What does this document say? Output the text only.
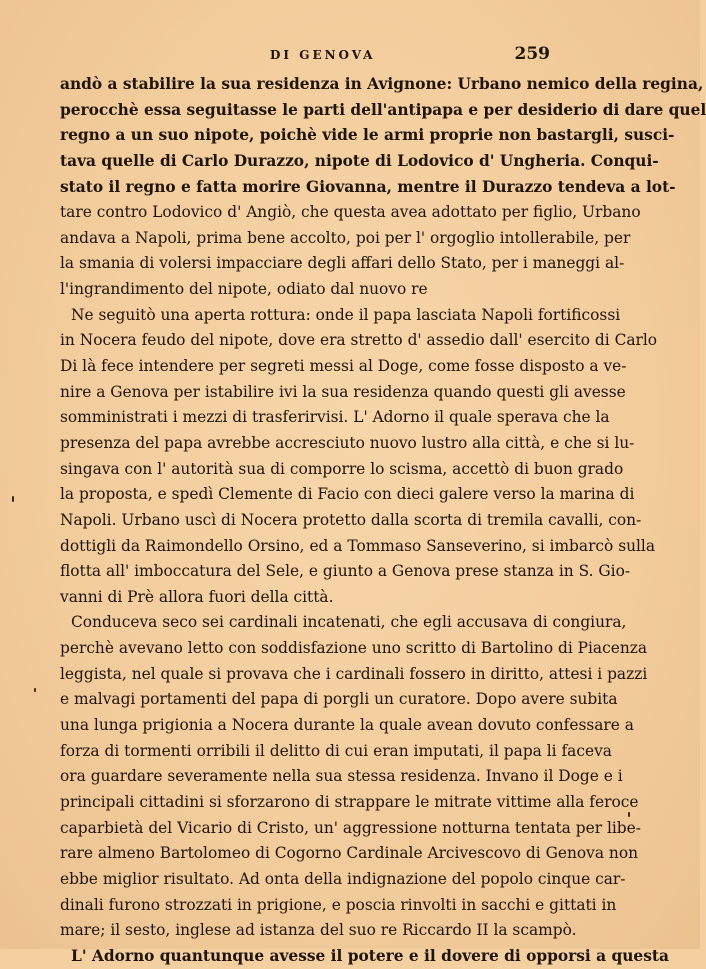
DI GENOVA	259
andò a stabilire la sua residenza in Avignone: Urbano nemico della regina,
perocchè essa seguitasse le parti dell'antipapa e per desiderio di dare quel
regno a un suo nipote, poichè vide le armi proprie non bastargli, susci-
tava quelle di Carlo Durazzo, nipote di Lodovico d' Ungheria. Conqui-
stato il regno e fatta morire Giovanna, mentre il Durazzo tendeva a lot-
tare contro Lodovico d' Angiò, che questa avea adottato per figlio, Urbano
andava a Napoli, prima bene accolto, poi per l' orgoglio intollerabile, per
la smania di volersi impacciare degli affari dello Stato, per i maneggi al-
l'ingrandimento del nipote, odiato dal nuovo re
Ne seguitò una aperta rottura: onde il papa lasciata Napoli fortificossi
in Nocera feudo del nipote, dove era stretto d' assedio dall' esercito di Carlo
Di là fece intendere per segreti messi al Doge, come fosse disposto a ve-
nire a Genova per istabilire ivi la sua residenza quando questi gli avesse
somministrati i mezzi di trasferirvisi. L' Adorno il quale sperava che la
presenza del papa avrebbe accresciuto nuovo lustro alla città, e che si lu-
singava con l' autorità sua di comporre lo scisma, accettò di buon grado
la proposta, e spedì Clemente di Facio con dieci galere verso la marina di
Napoli. Urbano uscì di Nocera protetto dalla scorta di tremila cavalli, con-
dottigli da Raimondello Orsino, ed a Tommaso Sanseverino, si imbarcò sulla
flotta all' imboccatura del Sele, e giunto a Genova prese stanza in S. Gio-
vanni di Prè allora fuori della città.
Conduceva seco sei cardinali incatenati, che egli accusava di congiura,
perchè avevano letto con soddisfazione uno scritto di Bartolino di Piacenza
leggista, nel quale si provava che i cardinali fossero in diritto, attesi i pazzi
e malvagi portamenti del papa di porgli un curatore. Dopo avere subita
una lunga prigionia a Nocera durante la quale avean dovuto confessare a
forza di tormenti orribili il delitto di cui eran imputati, il papa li faceva
ora guardare severamente nella sua stessa residenza. Invano il Doge e i
principali cittadini si sforzarono di strappare le mitrate vittime alla feroce
caparbietà del Vicario di Cristo, un' aggressione notturna tentata per libe-
rare almeno Bartolomeo di Cogorno Cardinale Arcivescovo di Genova non
ebbe miglior risultato. Ad onta della indignazione del popolo cinque car-
dinali furono strozzati in prigione, e poscia rinvolti in sacchi e gittati in
mare; il sesto, inglese ad istanza del suo re Riccardo II la scampò.
L' Adorno quantunque avesse il potere e il dovere di opporsi a questa
